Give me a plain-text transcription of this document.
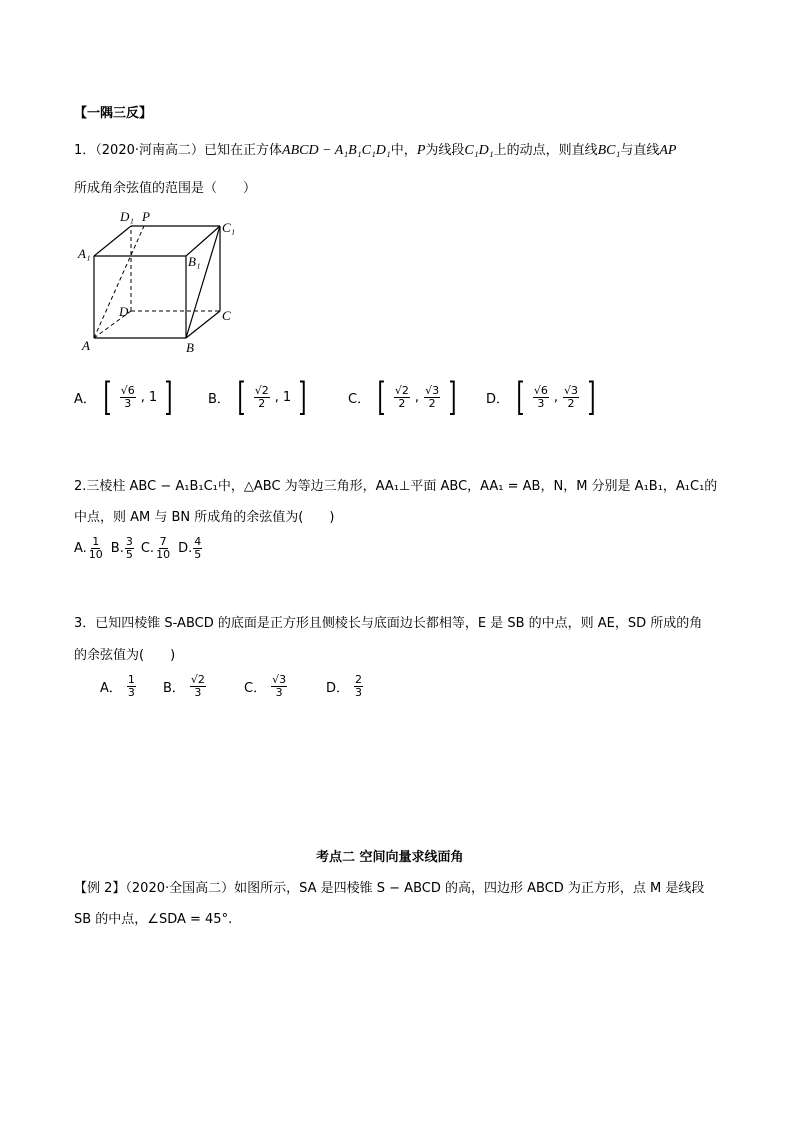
【一隅三反】
1．（2020·河南高二）已知在正方体ABCD − A₁B₁C₁D₁中，P为线段C₁D₁上的动点，则直线BC₁与直线AP
所成角余弦值的范围是（　　）
D₁ P
C₁
A₁
B₁
D	C
A	B
A． [ $\frac{√6}{3}$ , 1 ]	B． [ $\frac{√2}{2}$ , 1 ]	C． [ $\frac{√2}{2}$ , $\frac{√3}{2}$ ] D． [ $\frac{√6}{3}$ , $\frac{√3}{2}$ ]
2.三棱柱 ABC − A₁B₁C₁中，△ABC 为等边三角形，AA₁⊥平面 ABC，AA₁ = AB，N，M 分别是 A₁B₁，A₁C₁的
中点，则 AM 与 BN 所成角的余弦值为(　　)
A. $\frac{1}{10} B$. $\frac{3}{5} C$. $\frac{7}{10} D$. $\frac{4}{5}$
3．已知四棱锥 S-ABCD 的底面是正方形且侧棱长与底面边长都相等，E 是 SB 的中点，则 AE，SD 所成的角
的余弦值为(　　)
A． $\frac{1}{3}$ B． $\frac{√2}{3}$	C． $\frac{√3}{3}$	D． $\frac{2}{3}$
考点二 空间向量求线面角
【例 2】（2020·全国高二）如图所示，SA 是四棱锥 S − ABCD 的高，四边形 ABCD 为正方形，点 M 是线段
SB 的中点，∠SDA = 45°.
